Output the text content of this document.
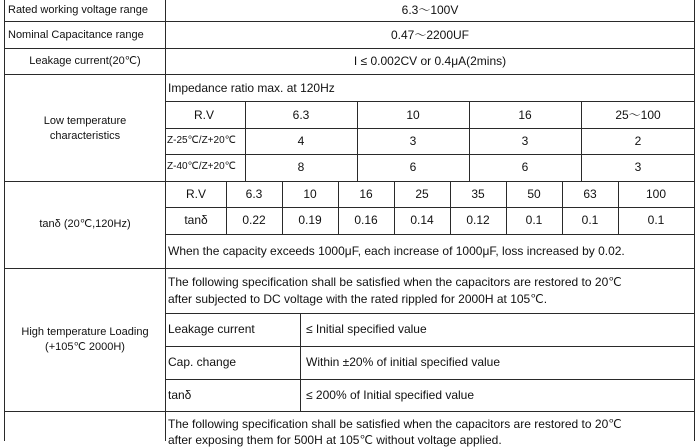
Rated working voltage range	6.3～100V
Nominal Capacitance range	0.47～2200UF
Leakage current(20℃)	I ≤ 0.002CV or 0.4μA(2mins)
Low temperature
characteristics
Impedance ratio max. at 120Hz
R.V	6.3	10	16	25～100
Z-25℃/Z+20℃	4	3	3	2
Z-40℃/Z+20℃	8	6	6	3
tanδ (20℃,120Hz)
R.V	6.3	10	16	25	35	50	63	100
tanδ	0.22	0.19	0.16	0.14	0.12	0.1	0.1	0.1
When the capacity exceeds 1000μF, each increase of 1000μF, loss increased by 0.02.
High temperature Loading
(+105℃ 2000H)
The following specification shall be satisfied when the capacitors are restored to 20℃
after subjected to DC voltage with the rated rippled for 2000H at 105℃.
Leakage current	≤ Initial specified value
Cap. change	Within ±20% of initial specified value
tanδ	≤ 200% of Initial specified value
The following specification shall be satisfied when the capacitors are restored to 20℃
after exposing them for 500H at 105℃ without voltage applied.
